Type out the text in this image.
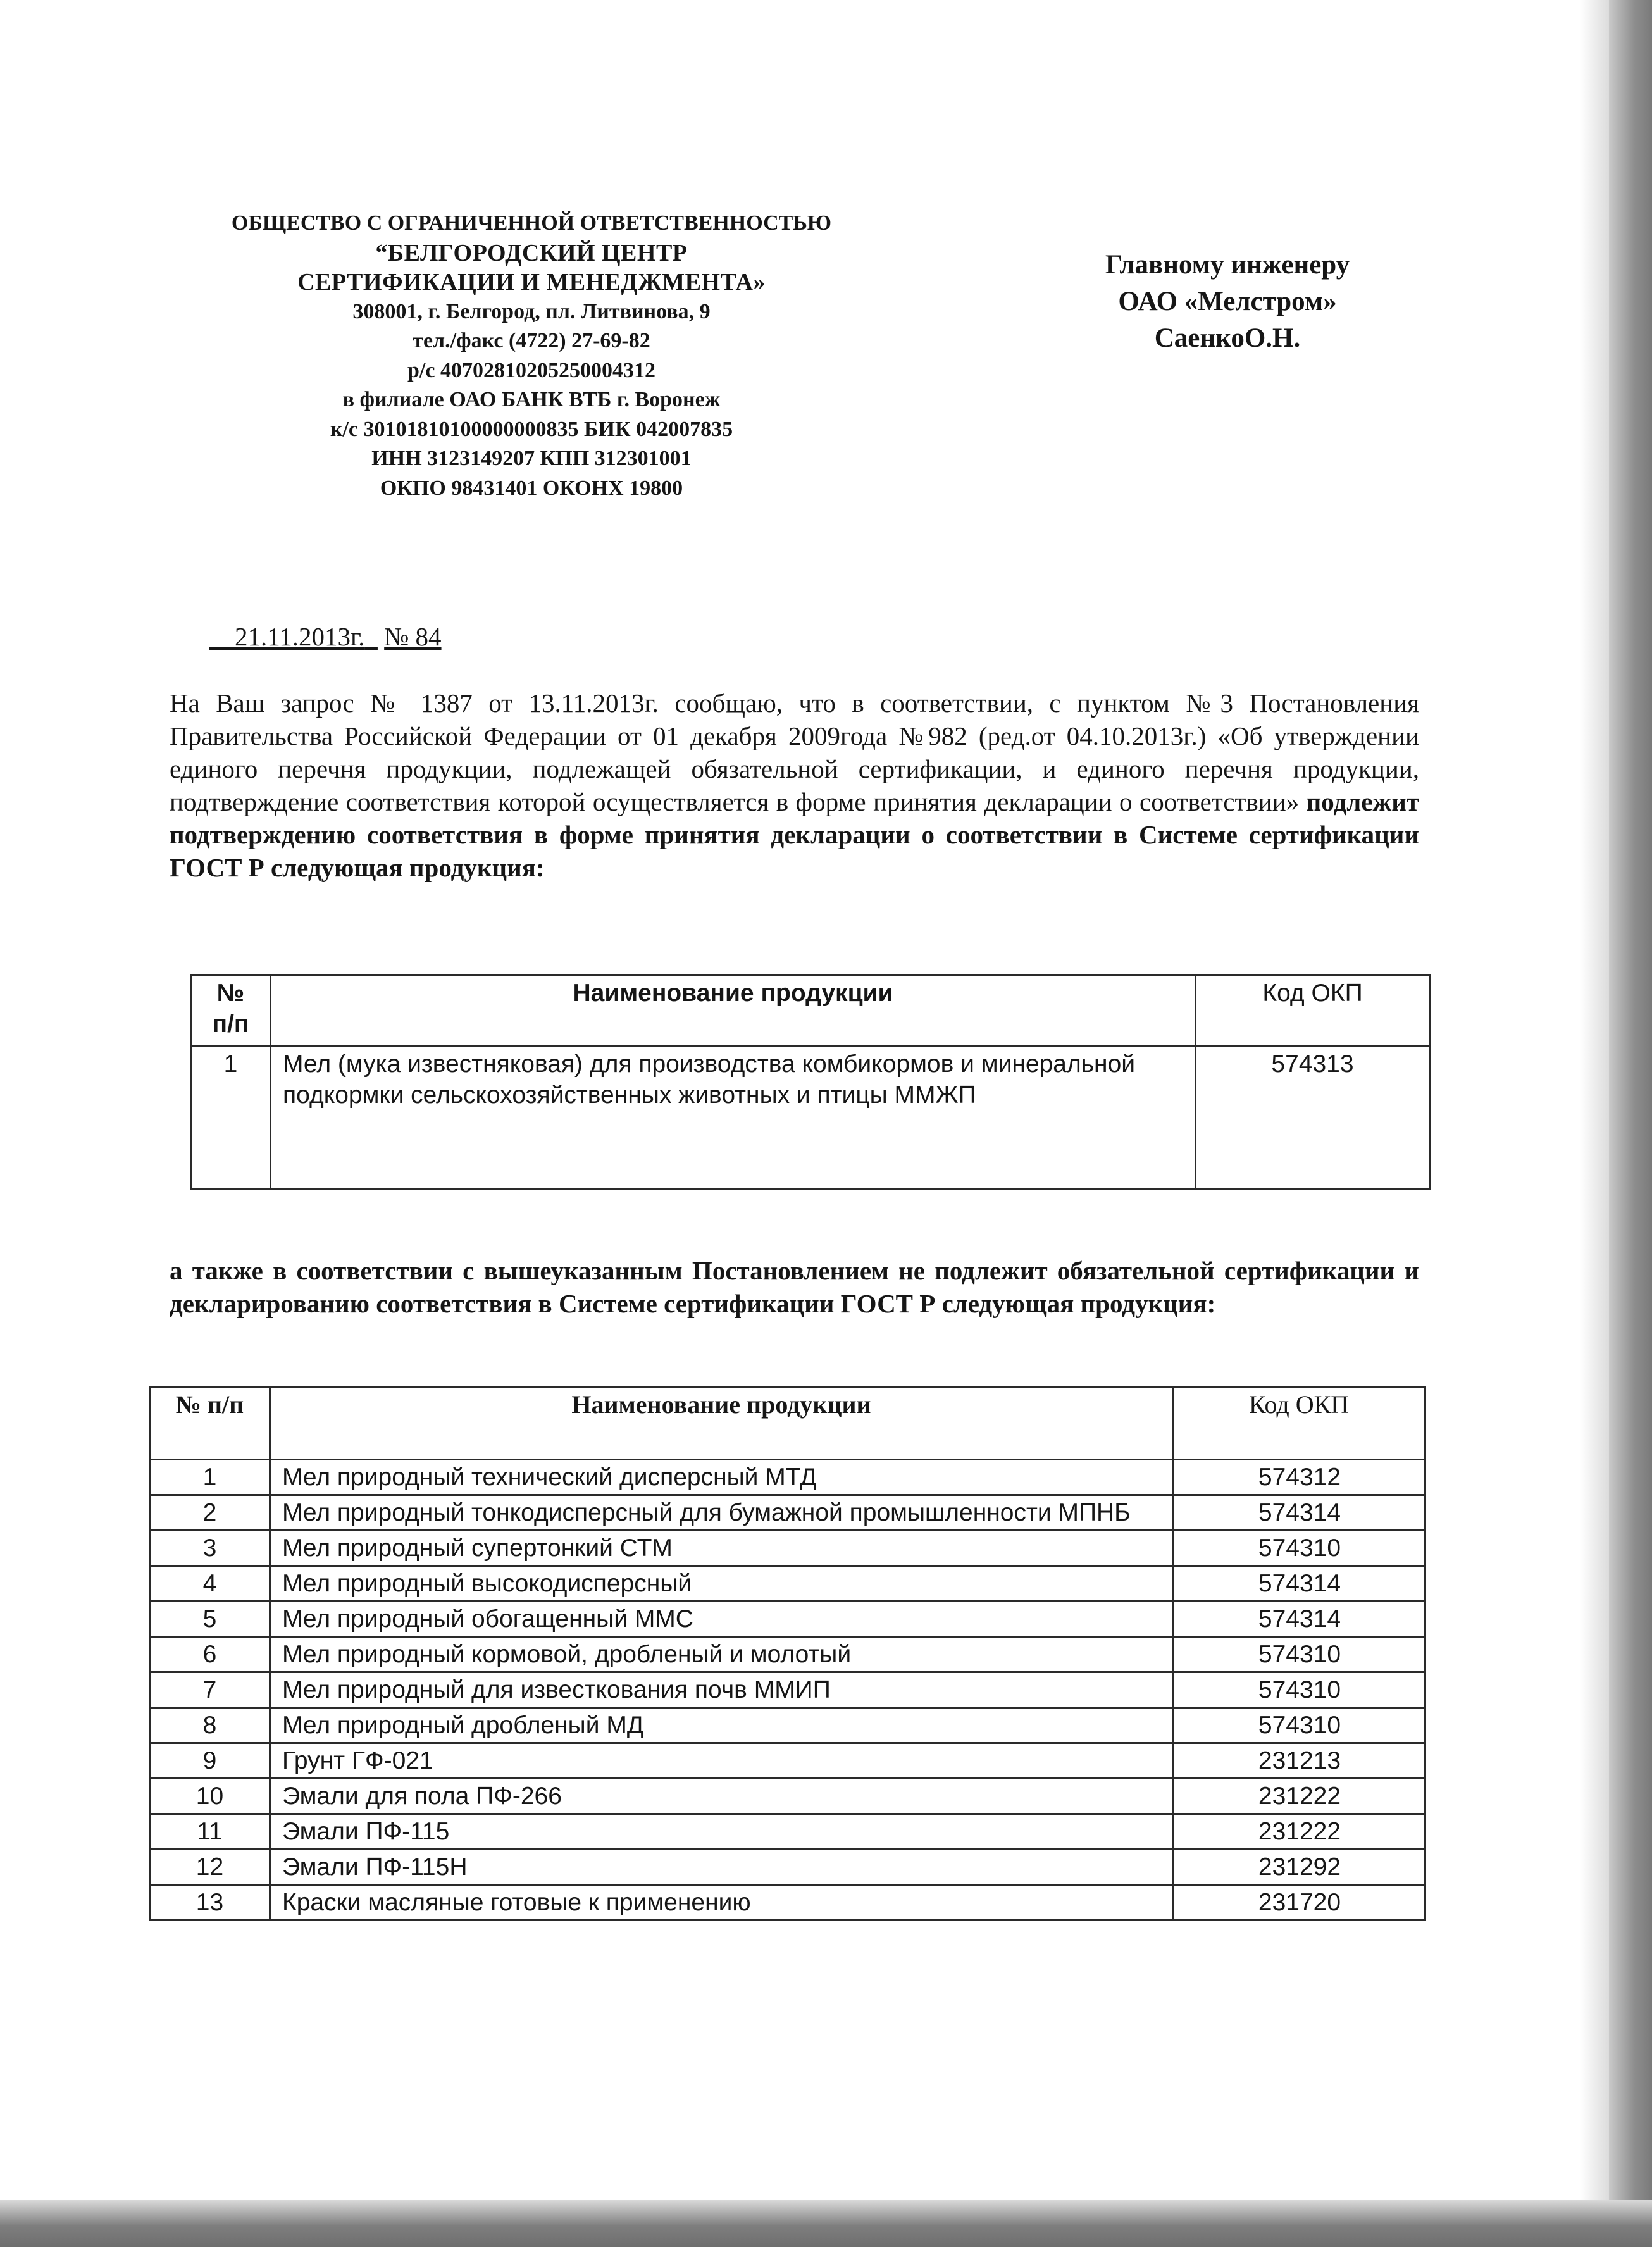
ОБЩЕСТВО С ОГРАНИЧЕННОЙ ОТВЕТСТВЕННОСТЬЮ
“БЕЛГОРОДСКИЙ ЦЕНТР
СЕРТИФИКАЦИИ И МЕНЕДЖМЕНТА»
308001, г. Белгород, пл. Литвинова, 9
тел./факс (4722) 27-69-82
р/с 40702810205250004312
в филиале ОАО БАНК ВТБ г. Воронеж
к/с 30101810100000000835 БИК 042007835
ИНН 3123149207 КПП 312301001
ОКПО 98431401 ОКОНХ 19800
Главному инженеру
ОАО «Мелстром»
СаенкоО.Н.
21.11.2013г. № 84
На Ваш запрос № 1387 от 13.11.2013г. сообщаю, что в соответствии, с пунктом №3 Постановления Правительства Российской Федерации от 01 декабря 2009года №982 (ред.от 04.10.2013г.) «Об утверждении единого перечня продукции, подлежащей обязательной сертификации, и единого перечня продукции, подтверждение соответствия которой осуществляется в форме принятия декларации о соответствии» подлежит подтверждению соответствия в форме принятия декларации о соответствии в Системе сертификации ГОСТ Р следующая продукция:
№ п/п	Наименование продукции	Код ОКП
1	Мел (мука известняковая) для производства комбикормов и минеральной подкормки сельскохозяйственных животных и птицы ММЖП	574313
а также в соответствии с вышеуказанным Постановлением не подлежит обязательной сертификации и декларированию соответствия в Системе сертификации ГОСТ Р следующая продукция:
№ п/п	Наименование продукции	Код ОКП
1	Мел природный технический дисперсный МТД	574312
2	Мел природный тонкодисперсный для бумажной промышленности МПНБ	574314
3	Мел природный супертонкий СТМ	574310
4	Мел природный высокодисперсный	574314
5	Мел природный обогащенный ММС	574314
6	Мел природный кормовой, дробленый и молотый	574310
7	Мел природный для известкования почв ММИП	574310
8	Мел природный дробленый МД	574310
9	Грунт ГФ-021	231213
10	Эмали для пола ПФ-266	231222
11	Эмали ПФ-115	231222
12	Эмали ПФ-115Н	231292
13	Краски масляные готовые к применению	231720
